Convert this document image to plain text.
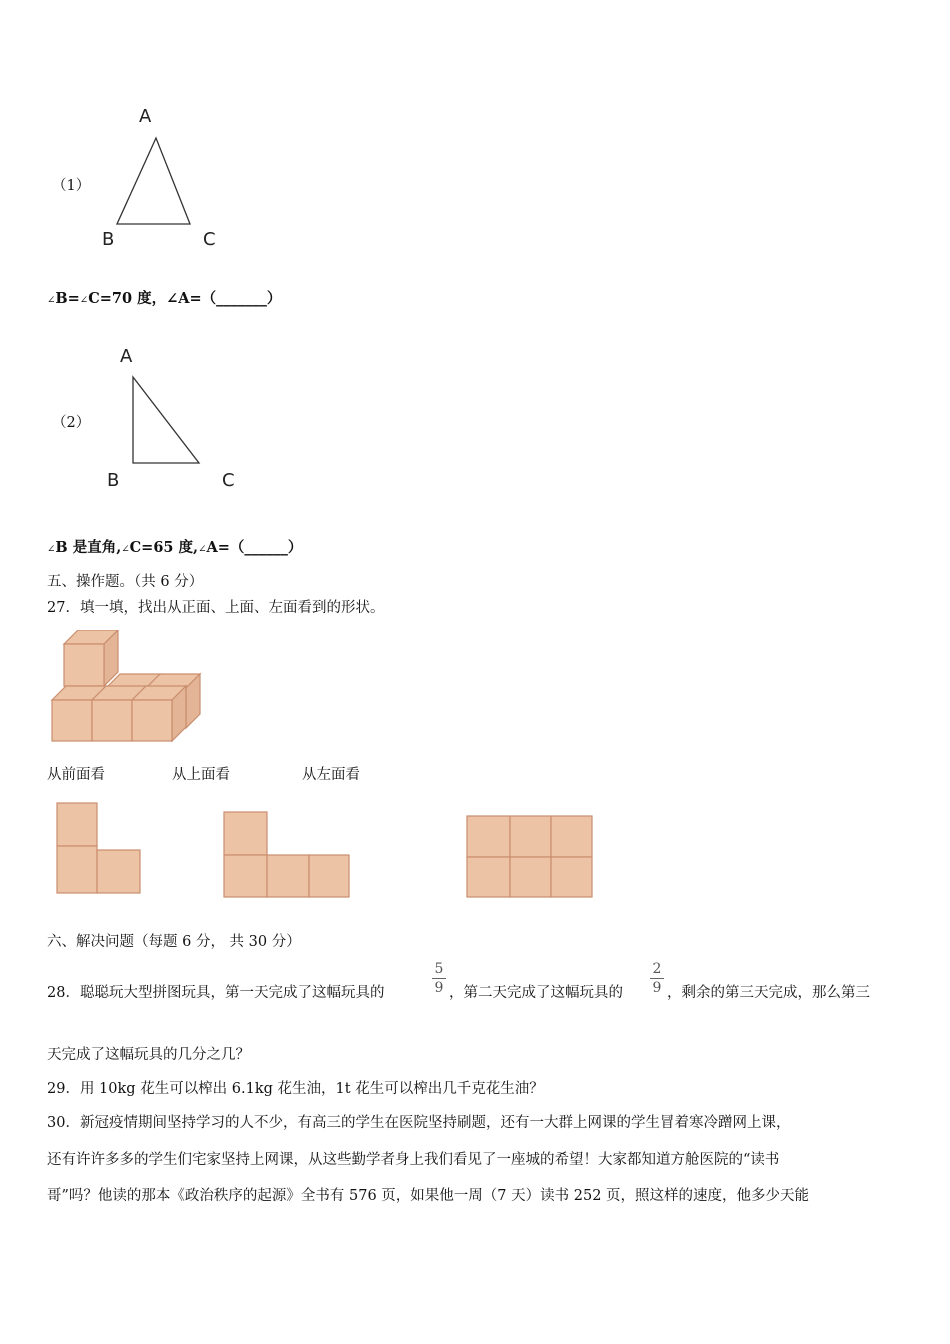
（1）
A
B	C
∠B=∠C=70 度，∠A=（_______）
（2）
A
B	C
∠B 是直角,∠C=65 度,∠A=（______）
五、操作题。（共 6 分）
27．填一填，找出从正面、上面、左面看到的形状。
从前面看	从上面看	从左面看
六、解决问题（每题 6 分， 共 30 分）
28．聪聪玩大型拼图玩具，第一天完成了这幅玩具的
5
9 ，第二天完成了这幅玩具的
2
9 ，剩余的第三天完成，那么第三
天完成了这幅玩具的几分之几？
29．用 10kg 花生可以榨出 6.1kg 花生油，1t 花生可以榨出几千克花生油？
30．新冠疫情期间坚持学习的人不少，有高三的学生在医院坚持刷题，还有一大群上网课的学生冒着寒冷蹭网上课，
还有许许多多的学生们宅家坚持上网课，从这些勤学者身上我们看见了一座城的希望！大家都知道方舱医院的“读书
哥”吗？他读的那本《政治秩序的起源》全书有 576 页，如果他一周（7 天）读书 252 页，照这样的速度，他多少天能
